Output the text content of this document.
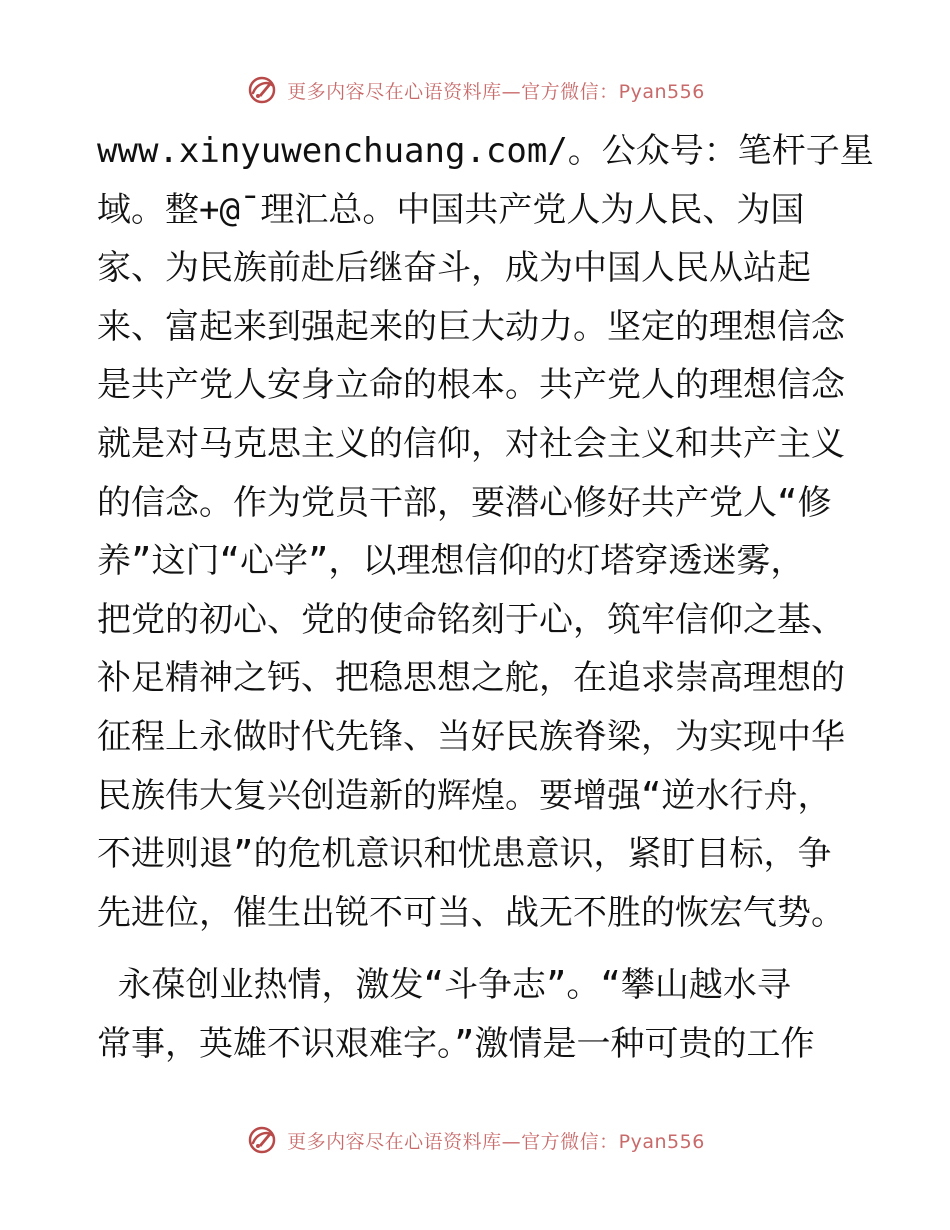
更多内容尽在心语资料库—官方微信：Pyan556
www.xinyuwenchuang.com/。公众号：笔杆子星
域。整+@¯理汇总。中国共产党人为人民、为国
家、为民族前赴后继奋斗，成为中国人民从站起
来、富起来到强起来的巨大动力。坚定的理想信念
是共产党人安身立命的根本。共产党人的理想信念
就是对马克思主义的信仰，对社会主义和共产主义
的信念。作为党员干部，要潜心修好共产党人“修
养”这门“心学”，以理想信仰的灯塔穿透迷雾，
把党的初心、党的使命铭刻于心，筑牢信仰之基、
补足精神之钙、把稳思想之舵，在追求崇高理想的
征程上永做时代先锋、当好民族脊梁，为实现中华
民族伟大复兴创造新的辉煌。要增强“逆水行舟，
不进则退”的危机意识和忧患意识，紧盯目标，争
先进位，催生出锐不可当、战无不胜的恢宏气势。
永葆创业热情，激发“斗争志”。“攀山越水寻
常事，英雄不识艰难字。”激情是一种可贵的工作
更多内容尽在心语资料库—官方微信：Pyan556
